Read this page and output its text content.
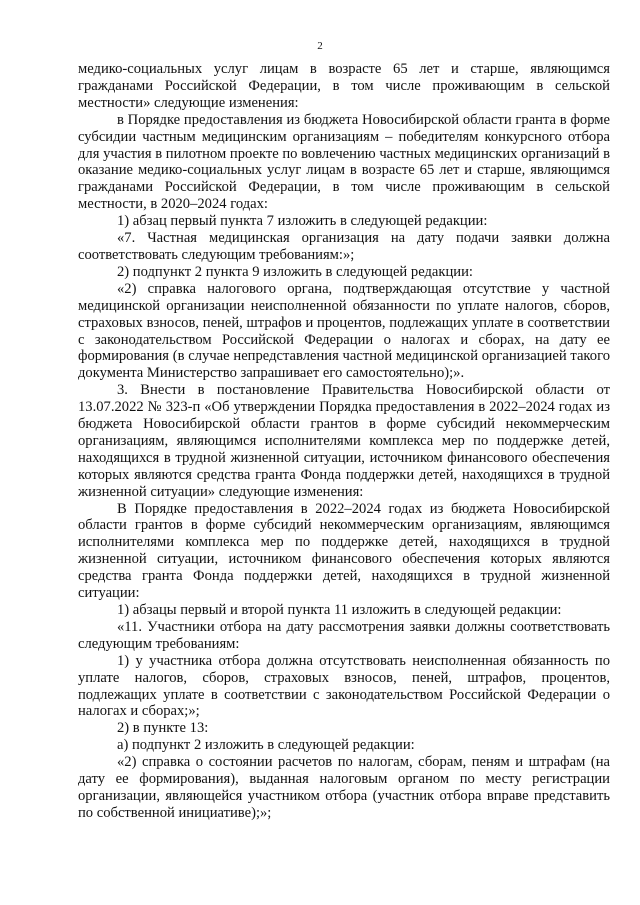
2

медико-социальных услуг лицам в возрасте 65 лет и старше, являющимся гражданами Российской Федерации, в том числе проживающим в сельской местности» следующие изменения:

в Порядке предоставления из бюджета Новосибирской области гранта в форме субсидии частным медицинским организациям – победителям конкурсного отбора для участия в пилотном проекте по вовлечению частных медицинских организаций в оказание медико-социальных услуг лицам в возрасте 65 лет и старше, являющимся гражданами Российской Федерации, в том числе проживающим в сельской местности, в 2020–2024 годах:

1) абзац первый пункта 7 изложить в следующей редакции:

«7. Частная медицинская организация на дату подачи заявки должна соответствовать следующим требованиям:»;

2) подпункт 2 пункта 9 изложить в следующей редакции:

«2) справка налогового органа, подтверждающая отсутствие у частной медицинской организации неисполненной обязанности по уплате налогов, сборов, страховых взносов, пеней, штрафов и процентов, подлежащих уплате в соответствии с законодательством Российской Федерации о налогах и сборах, на дату ее формирования (в случае непредставления частной медицинской организацией такого документа Министерство запрашивает его самостоятельно);».

3. Внести в постановление Правительства Новосибирской области от 13.07.2022 № 323-п «Об утверждении Порядка предоставления в 2022–2024 годах из бюджета Новосибирской области грантов в форме субсидий некоммерческим организациям, являющимся исполнителями комплекса мер по поддержке детей, находящихся в трудной жизненной ситуации, источником финансового обеспечения которых являются средства гранта Фонда поддержки детей, находящихся в трудной жизненной ситуации» следующие изменения:

В Порядке предоставления в 2022–2024 годах из бюджета Новосибирской области грантов в форме субсидий некоммерческим организациям, являющимся исполнителями комплекса мер по поддержке детей, находящихся в трудной жизненной ситуации, источником финансового обеспечения которых являются средства гранта Фонда поддержки детей, находящихся в трудной жизненной ситуации:

1) абзацы первый и второй пункта 11 изложить в следующей редакции:

«11. Участники отбора на дату рассмотрения заявки должны соответствовать следующим требованиям:

1) у участника отбора должна отсутствовать неисполненная обязанность по уплате налогов, сборов, страховых взносов, пеней, штрафов, процентов, подлежащих уплате в соответствии с законодательством Российской Федерации о налогах и сборах;»;

2) в пункте 13:

а) подпункт 2 изложить в следующей редакции:

«2) справка о состоянии расчетов по налогам, сборам, пеням и штрафам (на дату ее формирования), выданная налоговым органом по месту регистрации организации, являющейся участником отбора (участник отбора вправе представить по собственной инициативе);»;
